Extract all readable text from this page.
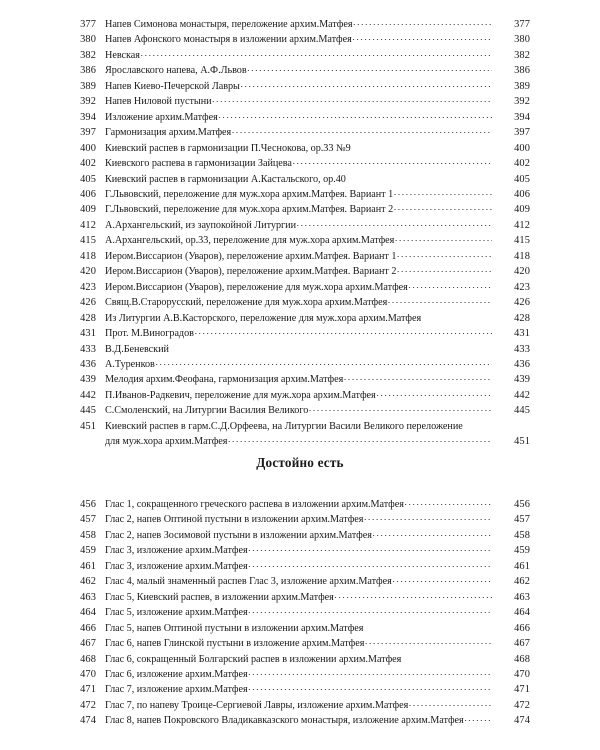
377 Напев Симонова монастыря, переложение архим.Матфея .....	377
380 Напев Афонского монастыря в изложении архим.Матфея .....	380
382 Невская .....	382
386 Ярославского напева, А.Ф.Львов .....	386
389 Напев Киево-Печерской Лавры .....	389
392 Напев Ниловой пустыни .....	392
394 Изложение архим.Матфея .....	394
397 Гармонизация архим.Матфея .....	397
400 Киевский распев в гармонизации П.Чеснокова, ор.33 №9 .....	400
402 Киевского распева в гармонизации Зайцева .....	402
405 Киевский распев в гармонизации А.Кастальского, ор.40 .....	405
406 Г.Львовский, переложение для муж.хора архим.Матфея. Вариант 1 .....	406
409 Г.Львовский, переложение для муж.хора архим.Матфея. Вариант 2 .....	409
412 А.Архангельский, из заупокойной Литургии .....	412
415 А.Архангельский, ор.33, переложение для муж.хора архим.Матфея .....	415
418 Иером.Виссарион (Уваров), переложение архим.Матфея. Вариант 1 .....	418
420 Иером.Виссарион (Уваров), переложение архим.Матфея. Вариант 2 .....	420
423 Иером.Виссарион (Уваров), переложение для муж.хора архим.Матфея .....	423
426 Свящ.В.Старорусский, переложение для муж.хора архим.Матфея .....	426
428 Из Литургии А.В.Касторского, переложение для муж.хора архим.Матфея .....	428
431 Прот. М.Виноградов .....	431
433 В.Д.Беневский .....	433
436 А.Туренков .....	436
439 Мелодия архим.Феофана, гармонизация архим.Матфея .....	439
442 П.Иванов-Радкевич, переложение для муж.хора архим.Матфея .....	442
445 С.Смоленский, на Литургии Василия Великого .....	445
451 Киевский распев в гарм.С.Д.Орфеева, на Литургии Васили Великого переложение
для муж.хора архим.Матфея .....	451
Достойно есть
456 Глас 1, сокращенного греческого распева в изложении архим.Матфея .....	456
457 Глас 2, напев Оптиной пустыни в изложении архим.Матфея .....	457
458 Глас 2, напев Зосимовой пустыни в изложении архим.Матфея .....	458
459 Глас 3, изложение архим.Матфея .....	459
461 Глас 3, изложение архим.Матфея .....	461
462 Глас 4, малый знаменный распев Глас 3, изложение архим.Матфея .....	462
463 Глас 5, Киевский распев, в изложении архим.Матфея .....	463
464 Глас 5, изложение архим.Матфея .....	464
466 Глас 5, напев Оптиной пустыни в изложении архим.Матфея .....	466
467 Глас 6, напев Глинской пустыни в изложение архим.Матфея .....	467
468 Глас 6, сокращенный Болгарский распев в изложении архим.Матфея .....	468
470 Глас 6, изложение архим.Матфея .....	470
471 Глас 7, изложение архим.Матфея .....	471
472 Глас 7, по напеву Троице-Сергиевой Лавры, изложение архим.Матфея .....	472
474 Глас 8, напев Покровского Владикавказского монастыря, изложение архим.Матфея .....	474
